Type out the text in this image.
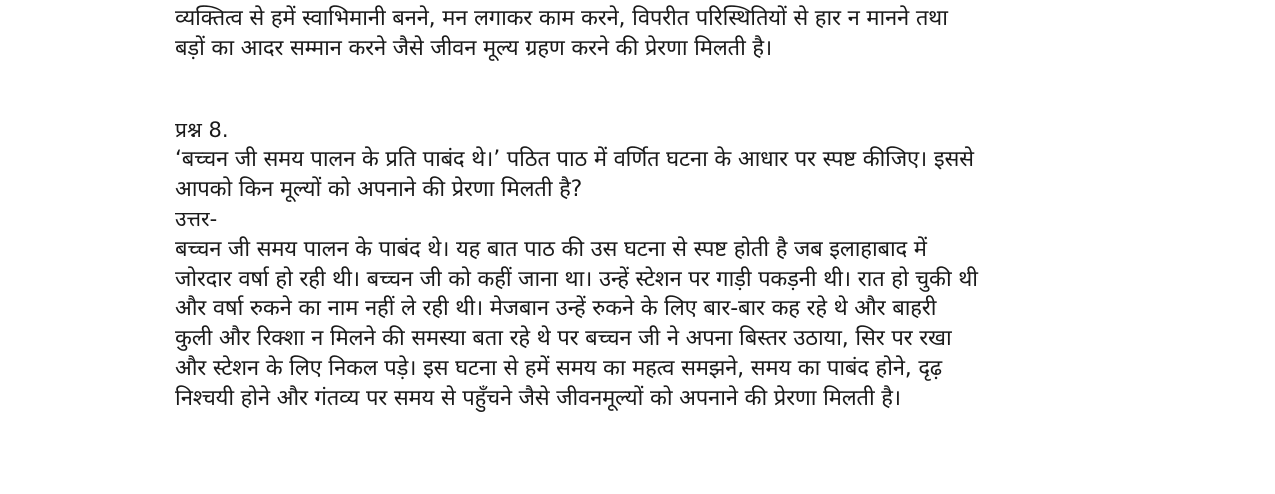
व्यक्तित्व से हमें स्वाभिमानी बनने, मन लगाकर काम करने, विपरीत परिस्थितियों से हार न मानने तथा
बड़ों का आदर सम्मान करने जैसे जीवन मूल्य ग्रहण करने की प्रेरणा मिलती है।
प्रश्न 8.
‘बच्चन जी समय पालन के प्रति पाबंद थे।’ पठित पाठ में वर्णित घटना के आधार पर स्पष्ट कीजिए। इससे
आपको किन मूल्यों को अपनाने की प्रेरणा मिलती है?
उत्तर-
बच्चन जी समय पालन के पाबंद थे। यह बात पाठ की उस घटना से स्पष्ट होती है जब इलाहाबाद में
जोरदार वर्षा हो रही थी। बच्चन जी को कहीं जाना था। उन्हें स्टेशन पर गाड़ी पकड़नी थी। रात हो चुकी थी
और वर्षा रुकने का नाम नहीं ले रही थी। मेजबान उन्हें रुकने के लिए बार-बार कह रहे थे और बाहरी
कुली और रिक्शा न मिलने की समस्या बता रहे थे पर बच्चन जी ने अपना बिस्तर उठाया, सिर पर रखा
और स्टेशन के लिए निकल पड़े। इस घटना से हमें समय का महत्व समझने, समय का पाबंद होने, दृढ़
निश्चयी होने और गंतव्य पर समय से पहुँचने जैसे जीवनमूल्यों को अपनाने की प्रेरणा मिलती है।
